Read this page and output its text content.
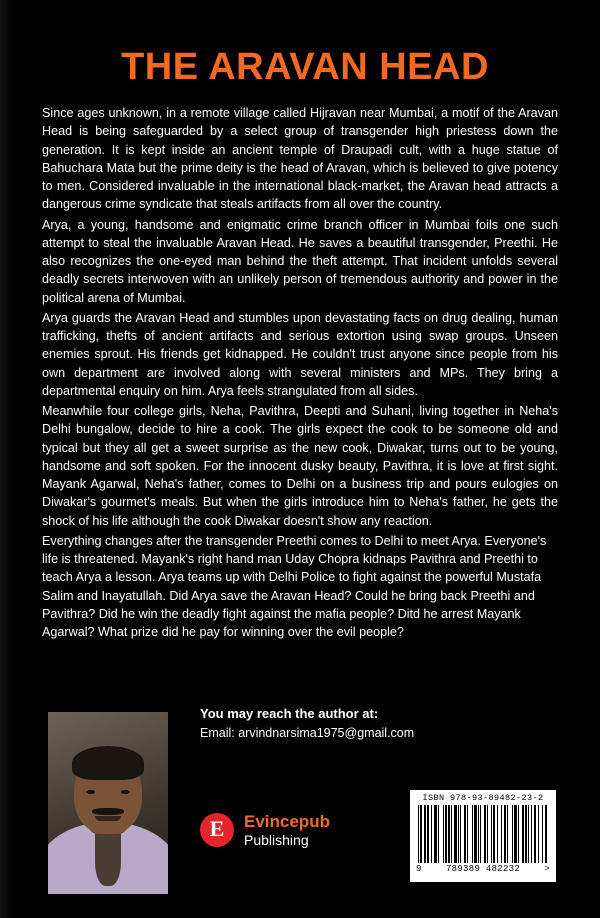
THE ARAVAN HEAD

Since ages unknown, in a remote village called Hijravan near Mumbai, a motif of the Aravan Head is being safeguarded by a select group of transgender high priestess down the generation. It is kept inside an ancient temple of Draupadi cult, with a huge statue of Bahuchara Mata but the prime deity is the head of Aravan, which is believed to give potency to men. Considered invaluable in the international black-market, the Aravan head attracts a dangerous crime syndicate that steals artifacts from all over the country.

Arya, a young, handsome and enigmatic crime branch officer in Mumbai foils one such attempt to steal the invaluable Aravan Head. He saves a beautiful transgender, Preethi. He also recognizes the one-eyed man behind the theft attempt. That incident unfolds several deadly secrets interwoven with an unlikely person of tremendous authority and power in the political arena of Mumbai.

Arya guards the Aravan Head and stumbles upon devastating facts on drug dealing, human trafficking, thefts of ancient artifacts and serious extortion using swap groups. Unseen enemies sprout. His friends get kidnapped. He couldn't trust anyone since people from his own department are involved along with several ministers and MPs. They bring a departmental enquiry on him. Arya feels strangulated from all sides.

Meanwhile four college girls, Neha, Pavithra, Deepti and Suhani, living together in Neha's Delhi bungalow, decide to hire a cook. The girls expect the cook to be someone old and typical but they all get a sweet surprise as the new cook, Diwakar, turns out to be young, handsome and soft spoken. For the innocent dusky beauty, Pavithra, it is love at first sight. Mayank Agarwal, Neha's father, comes to Delhi on a business trip and pours eulogies on Diwakar's gourmet's meals. But when the girls introduce him to Neha's father, he gets the shock of his life although the cook Diwakar doesn't show any reaction.

Everything changes after the transgender Preethi comes to Delhi to meet Arya. Everyone's life is threatened. Mayank's right hand man Uday Chopra kidnaps Pavithra and Preethi to teach Arya a lesson. Arya teams up with Delhi Police to fight against the powerful Mustafa Salim and Inayatullah. Did Arya save the Aravan Head? Could he bring back Preethi and Pavithra? Did he win the deadly fight against the mafia people? Ditd he arrest Mayank Agarwal? What prize did he pay for winning over the evil people?

You may reach the author at:
Email: arvindnarsima1975@gmail.com
E Evincepub
Publishing
ISBN 978-93-89482-23-2
9	789389 482232	>
